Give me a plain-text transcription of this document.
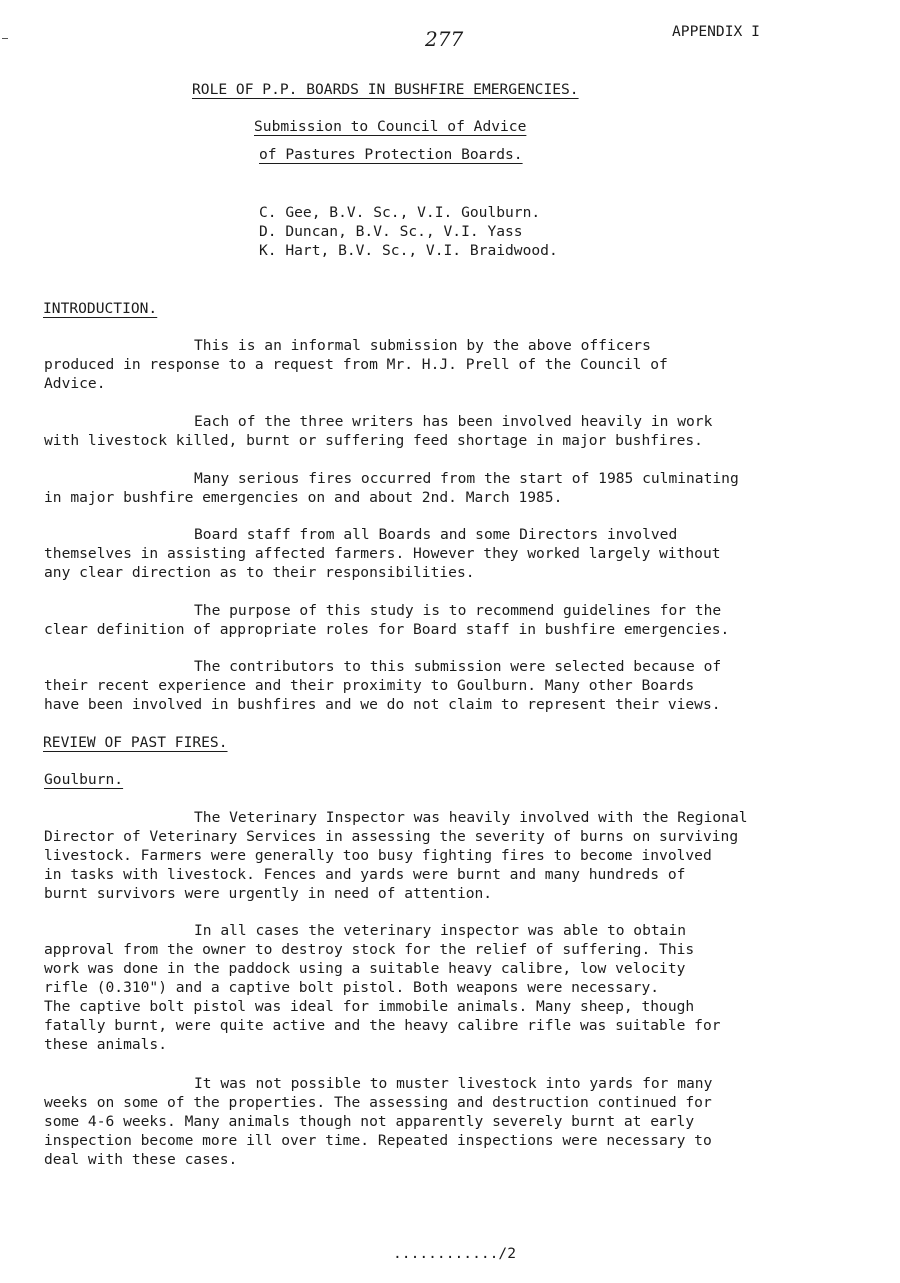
277	APPENDIX I
ROLE OF P.P. BOARDS IN BUSHFIRE EMERGENCIES.
Submission to Council of Advice
of Pastures Protection Boards.
C. Gee, B.V. Sc., V.I. Goulburn.
D. Duncan, B.V. Sc., V.I. Yass
K. Hart, B.V. Sc., V.I. Braidwood.
INTRODUCTION.
This is an informal submission by the above officers
produced in response to a request from Mr. H.J. Prell of the Council of
Advice.
Each of the three writers has been involved heavily in work
with livestock killed, burnt or suffering feed shortage in major bushfires.
Many serious fires occurred from the start of 1985 culminating
in major bushfire emergencies on and about 2nd. March 1985.
Board staff from all Boards and some Directors involved
themselves in assisting affected farmers. However they worked largely without
any clear direction as to their responsibilities.
The purpose of this study is to recommend guidelines for the
clear definition of appropriate roles for Board staff in bushfire emergencies.
The contributors to this submission were selected because of
their recent experience and their proximity to Goulburn. Many other Boards
have been involved in bushfires and we do not claim to represent their views.
REVIEW OF PAST FIRES.
Goulburn.
The Veterinary Inspector was heavily involved with the Regional
Director of Veterinary Services in assessing the severity of burns on surviving
livestock. Farmers were generally too busy fighting fires to become involved
in tasks with livestock. Fences and yards were burnt and many hundreds of
burnt survivors were urgently in need of attention.
In all cases the veterinary inspector was able to obtain
approval from the owner to destroy stock for the relief of suffering. This
work was done in the paddock using a suitable heavy calibre, low velocity
rifle (0.310") and a captive bolt pistol. Both weapons were necessary.
The captive bolt pistol was ideal for immobile animals. Many sheep, though
fatally burnt, were quite active and the heavy calibre rifle was suitable for
these animals.
It was not possible to muster livestock into yards for many
weeks on some of the properties. The assessing and destruction continued for
some 4-6 weeks. Many animals though not apparently severely burnt at early
inspection become more ill over time. Repeated inspections were necessary to
deal with these cases.
............/2
